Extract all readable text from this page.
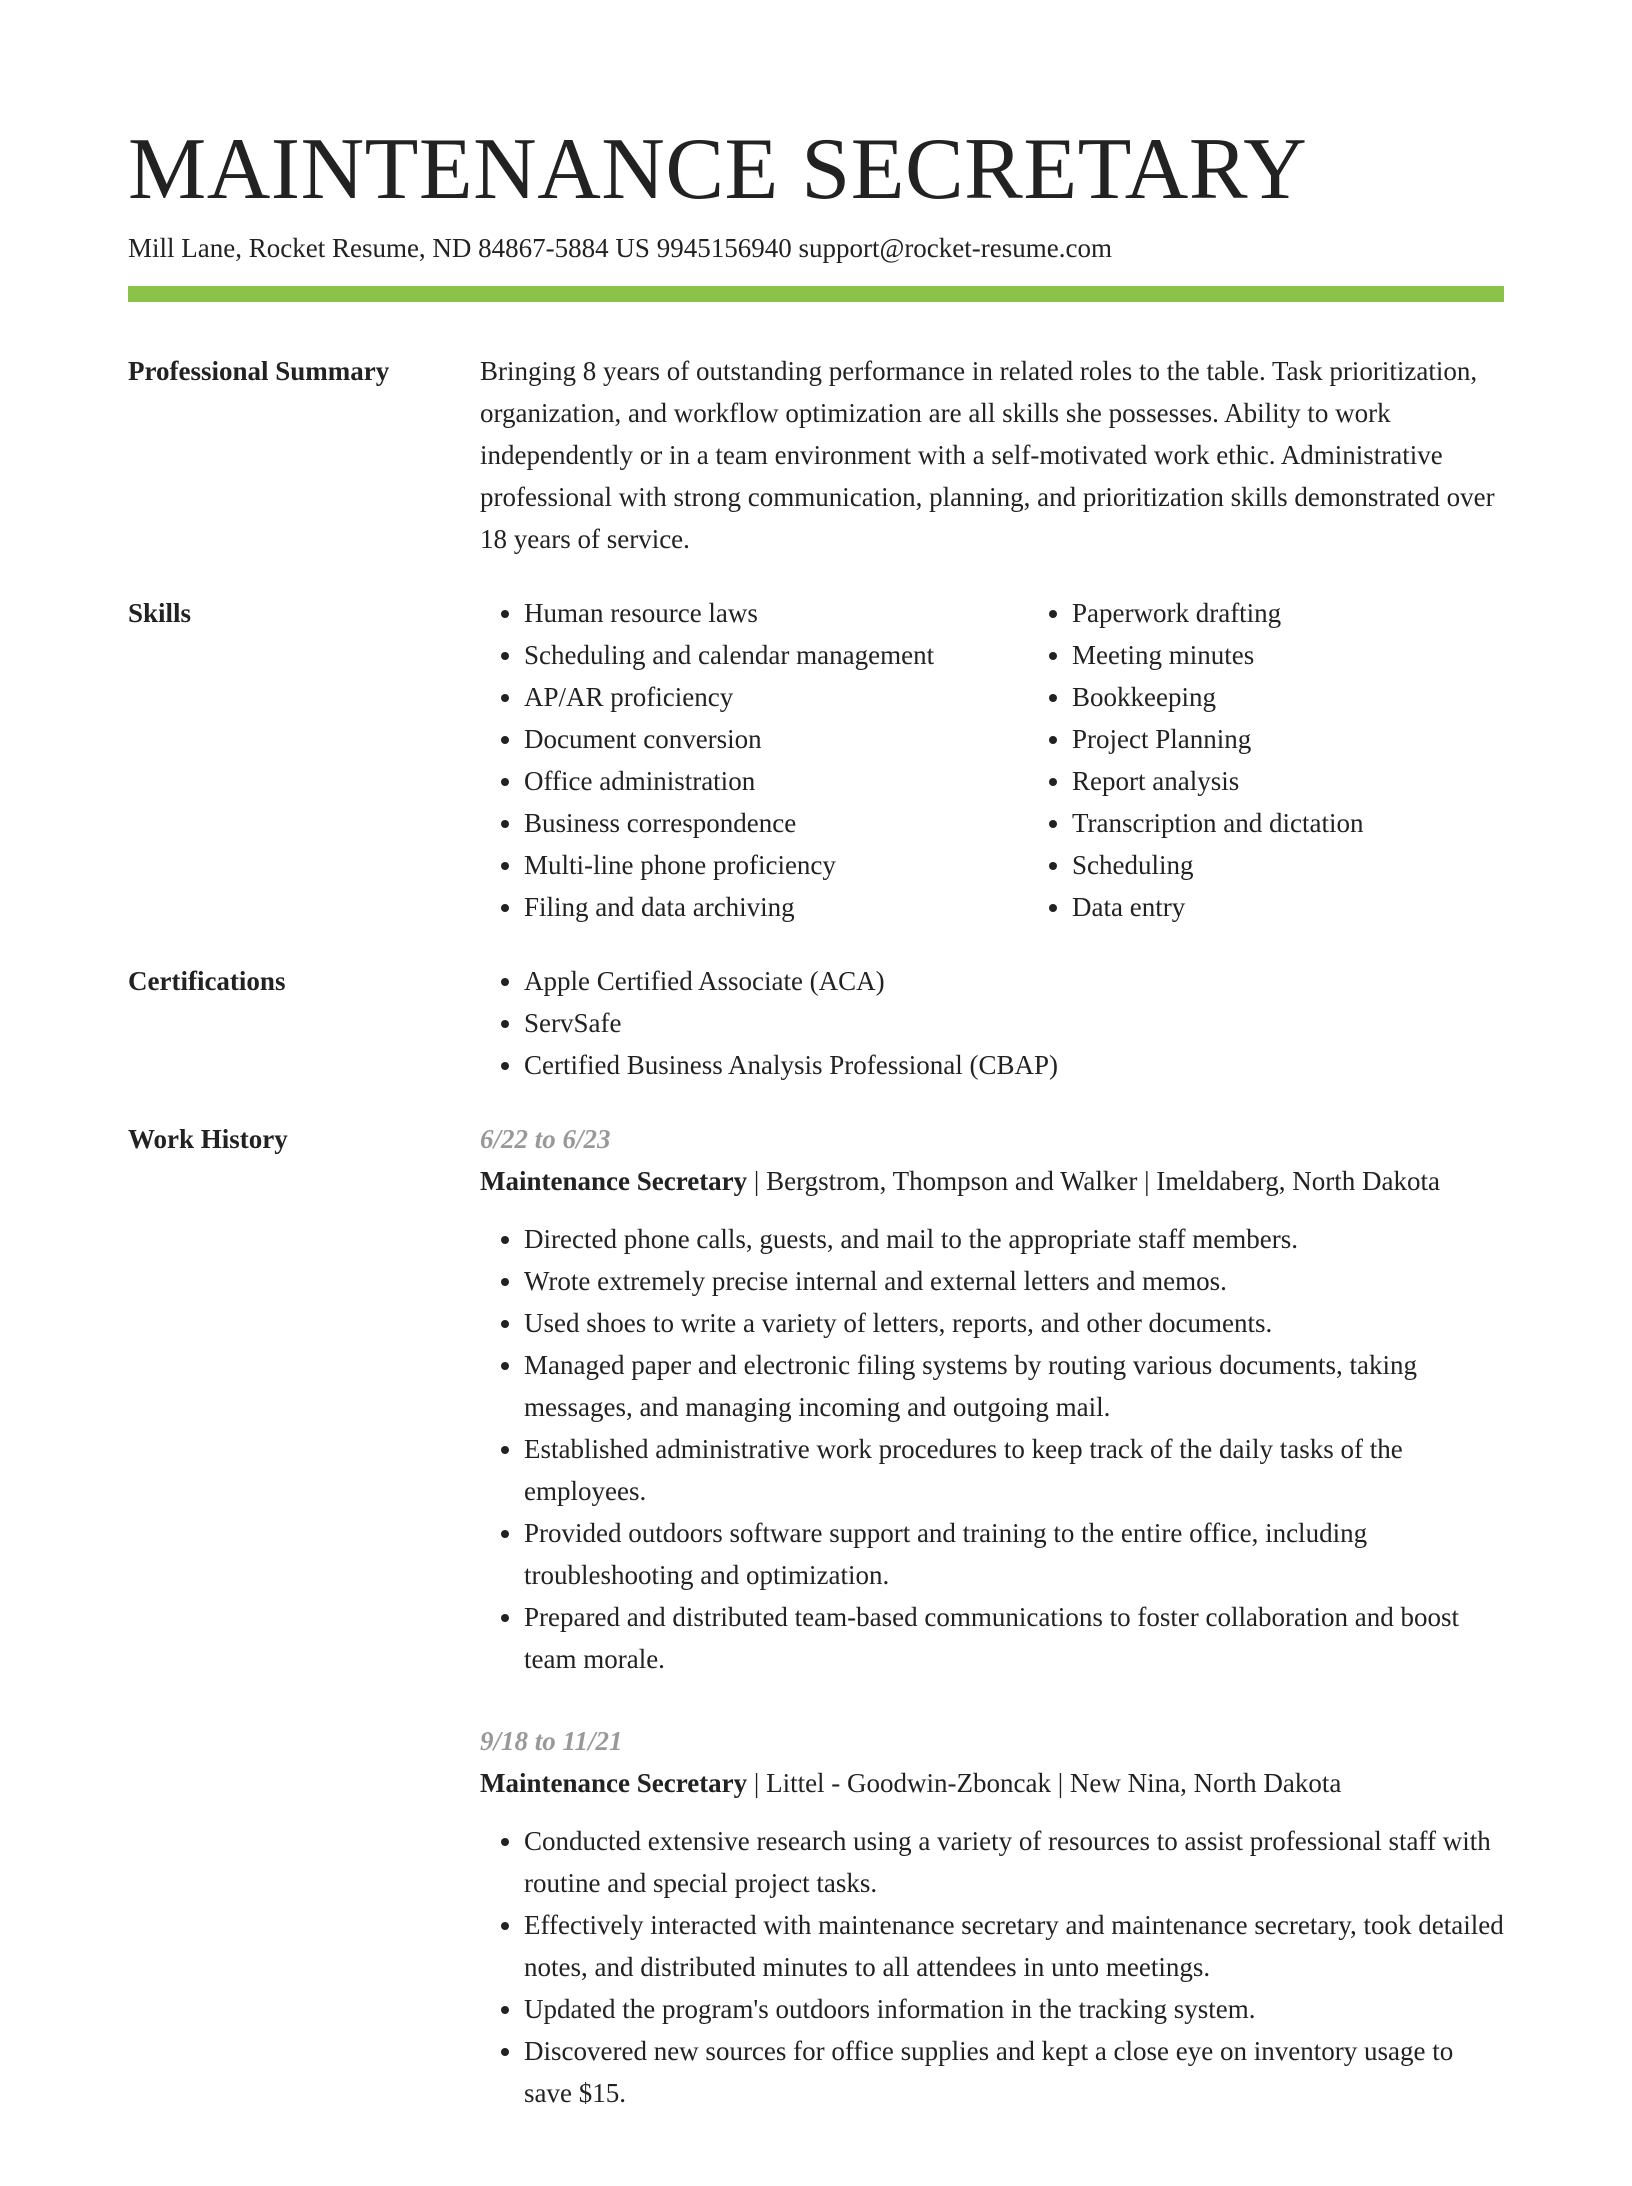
MAINTENANCE SECRETARY
Mill Lane, Rocket Resume, ND 84867-5884 US 9945156940 support@rocket-resume.com
Professional Summary	Bringing 8 years of outstanding performance in related roles to the table. Task prioritization, organization, and workflow optimization are all skills she possesses. Ability to work independently or in a team environment with a self-motivated work ethic. Administrative professional with strong communication, planning, and prioritization skills demonstrated over 18 years of service.

Skills	• Human resource laws
• Scheduling and calendar management
• AP/AR proficiency
• Document conversion
• Office administration
• Business correspondence
• Multi-line phone proficiency
• Filing and data archiving
• Paperwork drafting
• Meeting minutes
• Bookkeeping
• Project Planning
• Report analysis
• Transcription and dictation
• Scheduling
• Data entry
Certifications	• Apple Certified Associate (ACA)
• ServSafe
• Certified Business Analysis Professional (CBAP)
Work History	6/22 to 6/23
Maintenance Secretary | Bergstrom, Thompson and Walker | Imeldaberg, North Dakota
• Directed phone calls, guests, and mail to the appropriate staff members.
• Wrote extremely precise internal and external letters and memos.
• Used shoes to write a variety of letters, reports, and other documents.
• Managed paper and electronic filing systems by routing various documents, taking messages, and managing incoming and outgoing mail.
• Established administrative work procedures to keep track of the daily tasks of the employees.
• Provided outdoors software support and training to the entire office, including troubleshooting and optimization.
• Prepared and distributed team-based communications to foster collaboration and boost team morale.
9/18 to 11/21
Maintenance Secretary | Littel - Goodwin-Zboncak | New Nina, North Dakota
• Conducted extensive research using a variety of resources to assist professional staff with routine and special project tasks.
• Effectively interacted with maintenance secretary and maintenance secretary, took detailed notes, and distributed minutes to all attendees in unto meetings.
• Updated the program's outdoors information in the tracking system.
• Discovered new sources for office supplies and kept a close eye on inventory usage to save $15.
